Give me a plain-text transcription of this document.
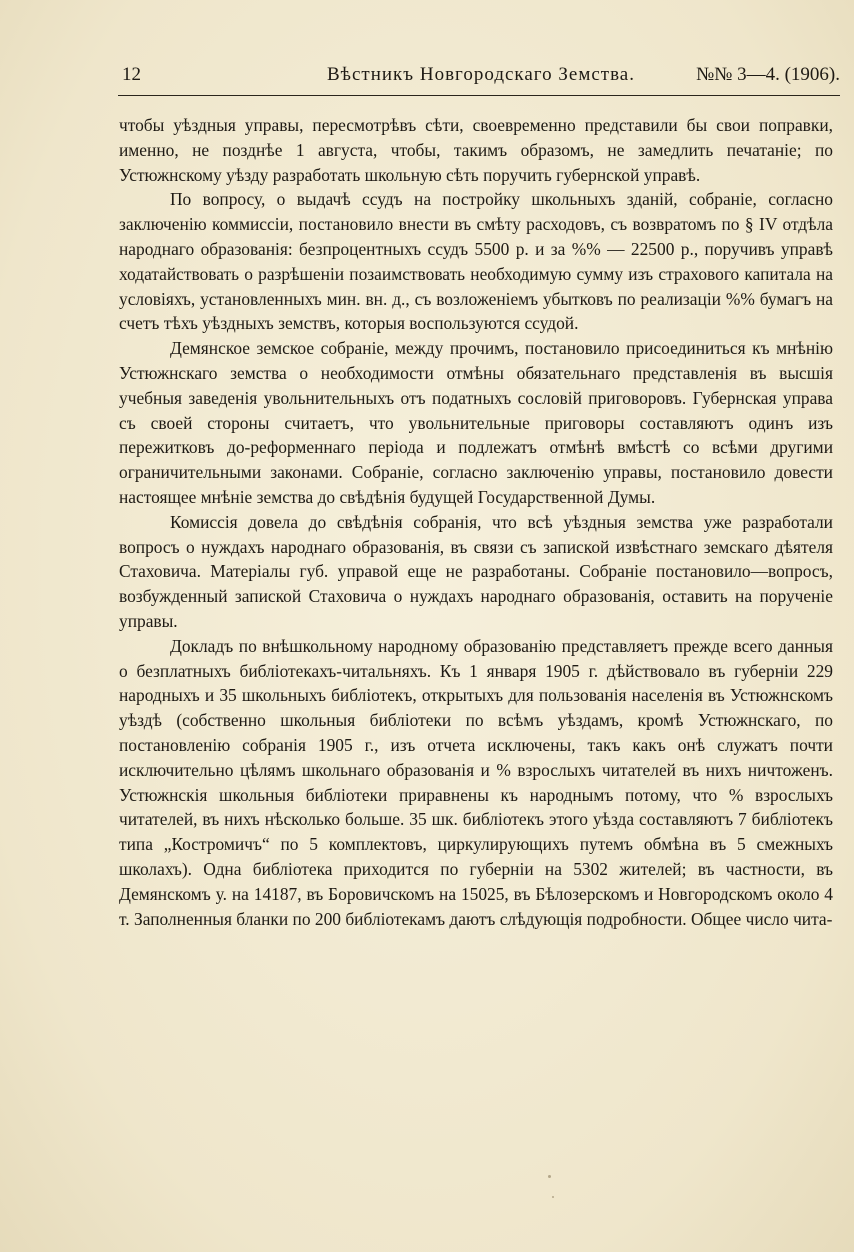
12	Вѣстникъ Новгородскаго Земства.	№№ 3—4. (1906).

чтобы уѣздныя управы, пересмотрѣвъ сѣти, своевременно представили бы свои поправки, именно, не позднѣе 1 августа, чтобы, такимъ образомъ, не замедлить печатаніе; по Устюжнскому уѣзду разработать школьную сѣть поручить губернской управѣ.

По вопросу, о выдачѣ ссудъ на постройку школьныхъ зданій, собраніе, согласно заключенію коммиссіи, постановило внести въ смѣту расходовъ, съ возвратомъ по § IV отдѣла народнаго образованія: безпроцентныхъ ссудъ 5500 р. и за %% — 22500 р., поручивъ управѣ ходатайствовать о разрѣшеніи позаимствовать необходимую сумму изъ страхового капитала на условіяхъ, установленныхъ мин. вн. д., съ возложеніемъ убытковъ по реализаціи %% бумагъ на счетъ тѣхъ уѣздныхъ земствъ, которыя воспользуются ссудой.

Демянское земское собраніе, между прочимъ, постановило присоединиться къ мнѣнію Устюжнскаго земства о необходимости отмѣны обязательнаго представленія въ высшія учебныя заведенія увольнительныхъ отъ податныхъ сословій приговоровъ. Губернская управа съ своей стороны считаетъ, что увольнительные приговоры составляютъ одинъ изъ пережитковъ до-реформеннаго періода и подлежатъ отмѣнѣ вмѣстѣ со всѣми другими ограничительными законами. Собраніе, согласно заключенію управы, постановило довести настоящее мнѣніе земства до свѣдѣнія будущей Государственной Думы.

Комиссія довела до свѣдѣнія собранія, что всѣ уѣздныя земства уже разработали вопросъ о нуждахъ народнаго образованія, въ связи съ запиской извѣстнаго земскаго дѣятеля Стаховича. Матеріалы губ. управой еще не разработаны. Собраніе постановило—вопросъ, возбужденный запиской Стаховича о нуждахъ народнаго образованія, оставить на порученіе управы.

Докладъ по внѣшкольному народному образованію представляетъ прежде всего данныя о безплатныхъ библіотекахъ-читальняхъ. Къ 1 января 1905 г. дѣйствовало въ губерніи 229 народныхъ и 35 школьныхъ библіотекъ, открытыхъ для пользованія населенія въ Устюжнскомъ уѣздѣ (собственно школьныя библіотеки по всѣмъ уѣздамъ, кромѣ Устюжнскаго, по постановленію собранія 1905 г., изъ отчета исключены, такъ какъ онѣ служатъ почти исключительно цѣлямъ школьнаго образованія и % взрослыхъ читателей въ нихъ ничтоженъ. Устюжнскія школьныя библіотеки приравнены къ народнымъ потому, что % взрослыхъ читателей, въ нихъ нѣсколько больше. 35 шк. библіотекъ этого уѣзда составляютъ 7 библіотекъ типа „Костромичъ“ по 5 комплектовъ, циркулирующихъ путемъ обмѣна въ 5 смежныхъ школахъ). Одна библіотека приходится по губерніи на 5302 жителей; въ частности, въ Демянскомъ у. на 14187, въ Боровичскомъ на 15025, въ Бѣлозерскомъ и Новгородскомъ около 4 т. Заполненныя бланки по 200 библіотекамъ даютъ слѣдующія подробности. Общее число чита-
